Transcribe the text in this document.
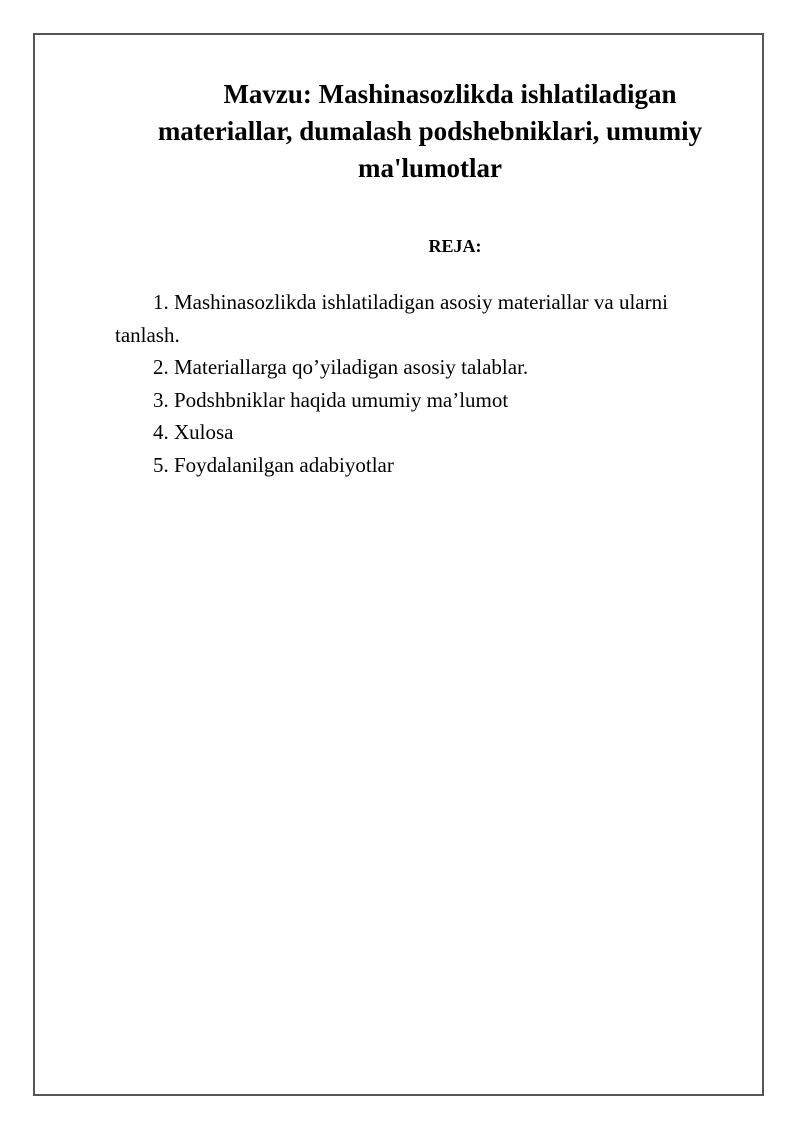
Mavzu: Mashinasozlikda ishlatiladigan
materiallar, dumalash podshebniklari, umumiy
ma'lumotlar
REJA:

1. Mashinasozlikda ishlatiladigan asosiy materiallar va ularni tanlash.

2. Materiallarga qo’yiladigan asosiy talablar.

3. Podshbniklar haqida umumiy ma’lumot

4. Xulosa

5. Foydalanilgan adabiyotlar
